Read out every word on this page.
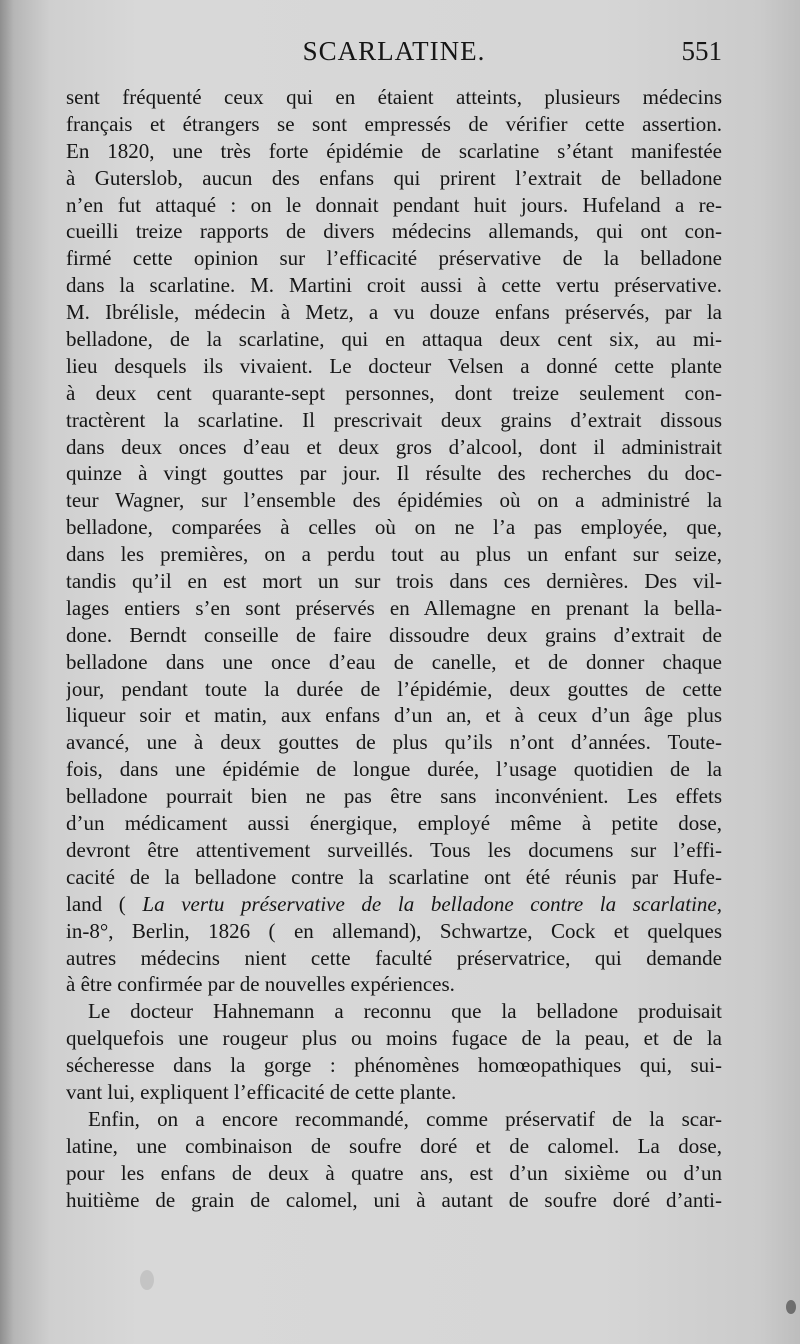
SCARLATINE.	551
sent fréquenté ceux qui en étaient atteints, plusieurs médecins
français et étrangers se sont empressés de vérifier cette assertion.
En 1820, une très forte épidémie de scarlatine s’étant manifestée
à Guterslob, aucun des enfans qui prirent l’extrait de belladone
n’en fut attaqué : on le donnait pendant huit jours. Hufeland a re-
cueilli treize rapports de divers médecins allemands, qui ont con-
firmé cette opinion sur l’efficacité préservative de la belladone
dans la scarlatine. M. Martini croit aussi à cette vertu préservative.
M. Ibrélisle, médecin à Metz, a vu douze enfans préservés, par la
belladone, de la scarlatine, qui en attaqua deux cent six, au mi-
lieu desquels ils vivaient. Le docteur Velsen a donné cette plante
à deux cent quarante-sept personnes, dont treize seulement con-
tractèrent la scarlatine. Il prescrivait deux grains d’extrait dissous
dans deux onces d’eau et deux gros d’alcool, dont il administrait
quinze à vingt gouttes par jour. Il résulte des recherches du doc-
teur Wagner, sur l’ensemble des épidémies où on a administré la
belladone, comparées à celles où on ne l’a pas employée, que,
dans les premières, on a perdu tout au plus un enfant sur seize,
tandis qu’il en est mort un sur trois dans ces dernières. Des vil-
lages entiers s’en sont préservés en Allemagne en prenant la bella-
done. Berndt conseille de faire dissoudre deux grains d’extrait de
belladone dans une once d’eau de canelle, et de donner chaque
jour, pendant toute la durée de l’épidémie, deux gouttes de cette
liqueur soir et matin, aux enfans d’un an, et à ceux d’un âge plus
avancé, une à deux gouttes de plus qu’ils n’ont d’années. Toute-
fois, dans une épidémie de longue durée, l’usage quotidien de la
belladone pourrait bien ne pas être sans inconvénient. Les effets
d’un médicament aussi énergique, employé même à petite dose,
devront être attentivement surveillés. Tous les documens sur l’effi-
cacité de la belladone contre la scarlatine ont été réunis par Hufe-
land ( La vertu préservative de la belladone contre la scarlatine,
in-8°, Berlin, 1826 ( en allemand), Schwartze, Cock et quelques
autres médecins nient cette faculté préservatrice, qui demande
à être confirmée par de nouvelles expériences.
Le docteur Hahnemann a reconnu que la belladone produisait
quelquefois une rougeur plus ou moins fugace de la peau, et de la
sécheresse dans la gorge : phénomènes homœopathiques qui, sui-
vant lui, expliquent l’efficacité de cette plante.
Enfin, on a encore recommandé, comme préservatif de la scar-
latine, une combinaison de soufre doré et de calomel. La dose,
pour les enfans de deux à quatre ans, est d’un sixième ou d’un
huitième de grain de calomel, uni à autant de soufre doré d’anti-
